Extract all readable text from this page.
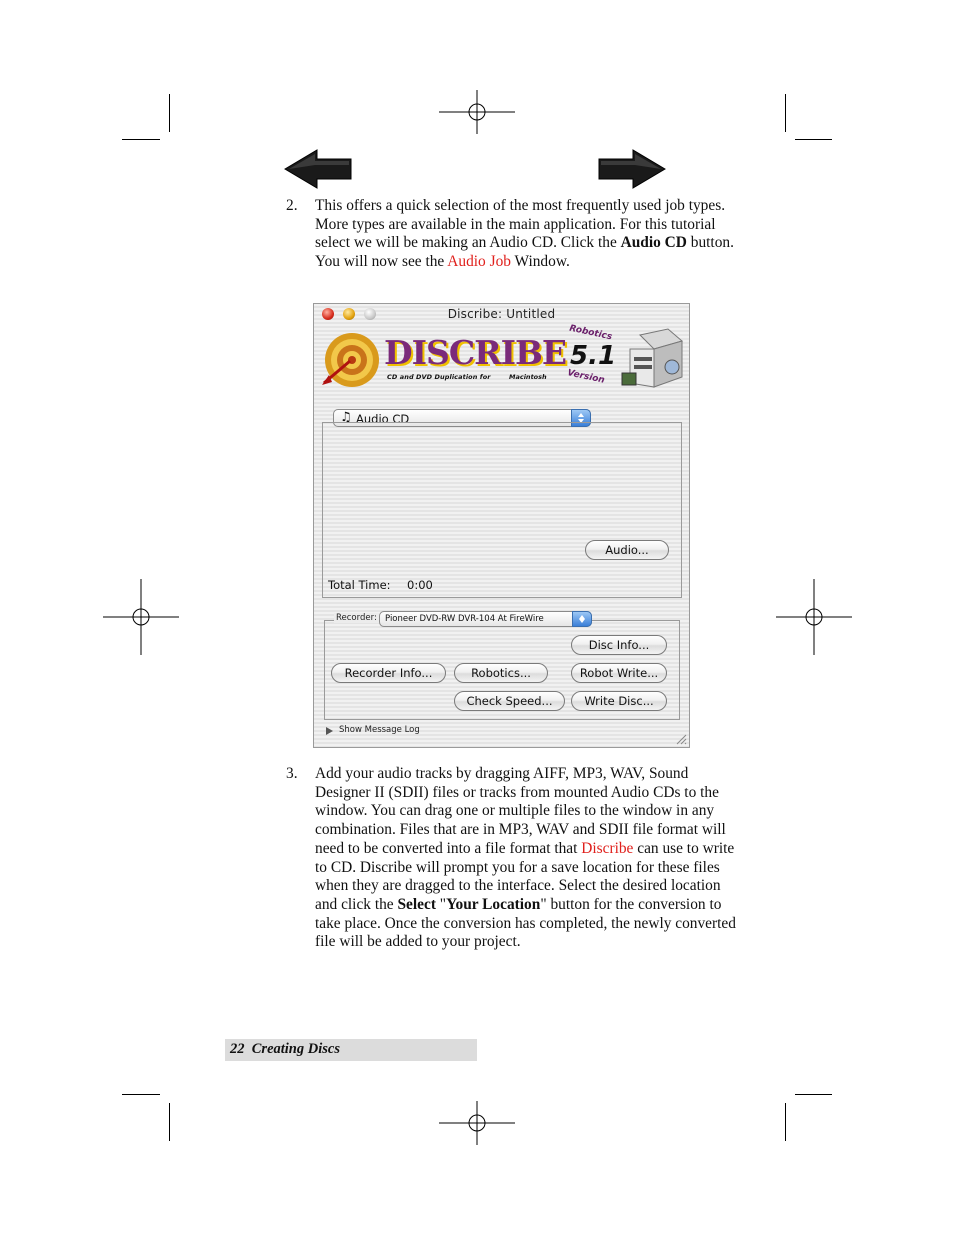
2. This offers a quick selection of the most frequently used job types. More types are available in the main application. For this tutorial select we will be making an Audio CD. Click the Audio CD button. You will now see the Audio Job Window.
Discribe: Untitled
DISCRIBE
CD and DVD Duplication for	Macintosh
Robotics
5.1
Version
♫ Audio CD
Audio...
Total Time: 0:00
Recorder: Pioneer DVD-RW DVR-104 At FireWire
Disc Info...
Recorder Info...	Robotics...	Robot Write...
Check Speed...	Write Disc...
Show Message Log
3. Add your audio tracks by dragging AIFF, MP3, WAV, Sound Designer II (SDII) files or tracks from mounted Audio CDs to the window. You can drag one or multiple files to the window in any combination. Files that are in MP3, WAV and SDII file format will need to be converted into a file format that Discribe can use to write to CD. Discribe will prompt you for a save location for these files when they are dragged to the interface. Select the desired location and click the Select "Your Location" button for the conversion to take place. Once the conversion has completed, the newly converted file will be added to your project.
22  Creating Discs
